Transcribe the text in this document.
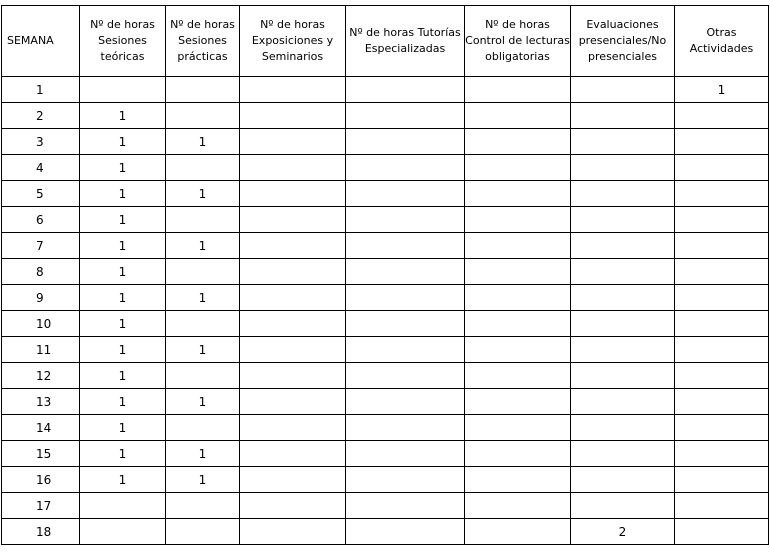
SEMANA	Nº de horas Sesiones teóricas	Nº de horas Sesiones prácticas	Nº de horas Exposiciones y Seminarios	Nº de horas Tutorías Especializadas	Nº de horas Control de lecturas obligatorias	Evaluaciones presenciales/No presenciales	Otras Actividades
1							1
2	1						
3	1	1					
4	1						
5	1	1					
6	1						
7	1	1					
8	1						
9	1	1					
10	1						
11	1	1					
12	1						
13	1	1					
14	1						
15	1	1					
16	1	1					
17							
18						2	
